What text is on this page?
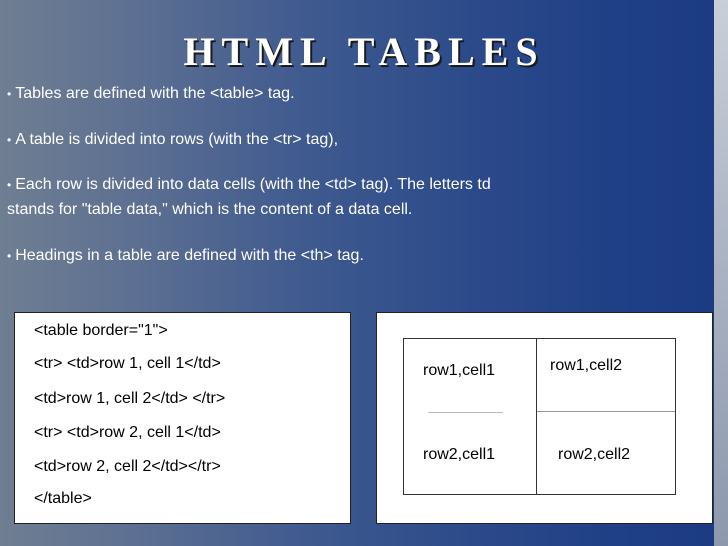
HTML TABLES
• Tables are defined with the <table> tag.
• A table is divided into rows (with the <tr> tag),
• Each row is divided into data cells (with the <td> tag). The letters td
stands for "table data," which is the content of a data cell.
• Headings in a table are defined with the <th> tag.
<table border="1">
<tr> <td>row 1, cell 1</td>
<td>row 1, cell 2</td> </tr>
<tr> <td>row 2, cell 1</td>
<td>row 2, cell 2</td></tr>
</table>
row1,cell1	row1,cell2
row2,cell1	row2,cell2
